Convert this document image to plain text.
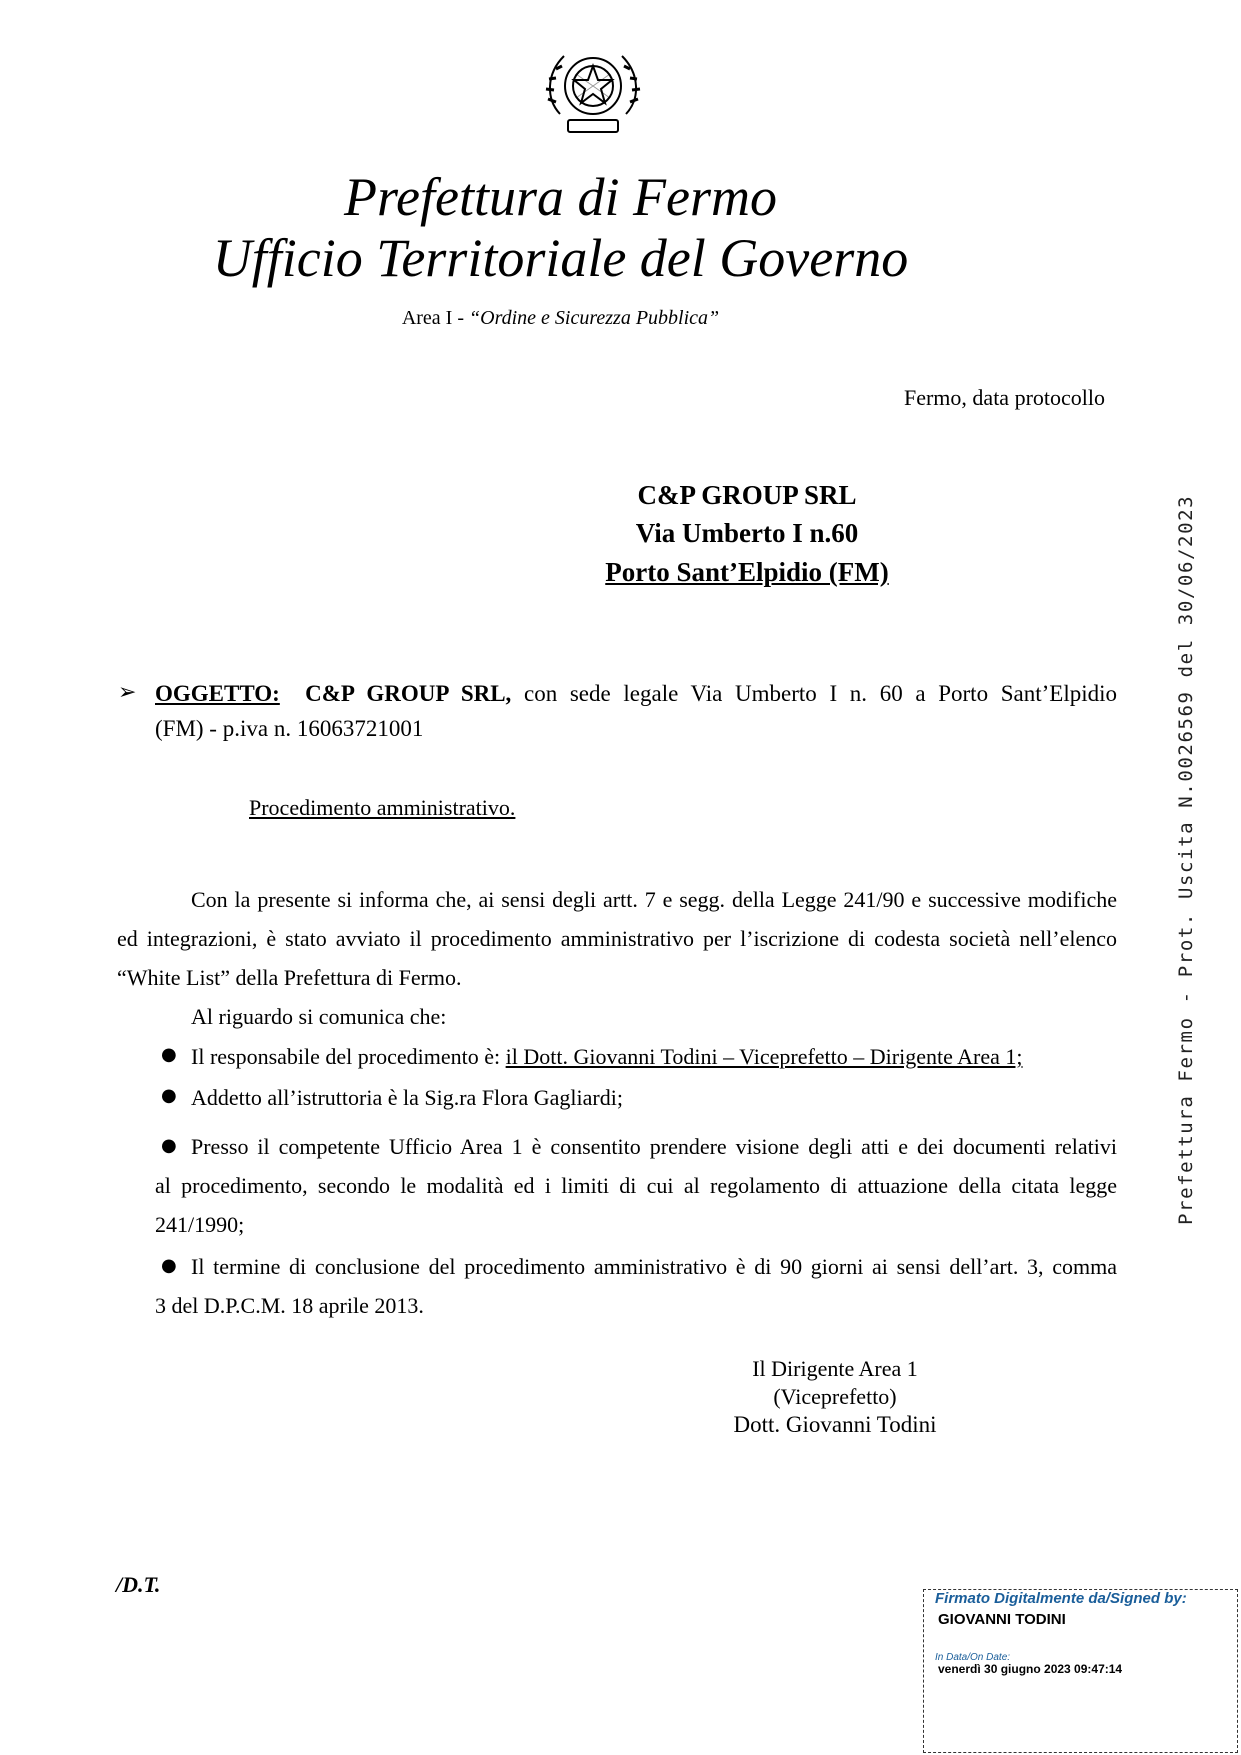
Prefettura di Fermo
Ufficio Territoriale del Governo
Area I - “Ordine e Sicurezza Pubblica”
Fermo, data protocollo
C&P GROUP SRL
Via Umberto I n.60
Porto Sant’Elpidio (FM)
➢ OGGETTO: C&P GROUP SRL, con sede legale Via Umberto I n. 60 a Porto Sant’Elpidio
(FM) - p.iva n. 16063721001
Procedimento amministrativo.
Con la presente si informa che, ai sensi degli artt. 7 e segg. della Legge 241/90 e successive modifiche ed integrazioni, è stato avviato il procedimento amministrativo per l’iscrizione di codesta società nell’elenco “White List” della Prefettura di Fermo.
Al riguardo si comunica che:
● Il responsabile del procedimento è: il Dott. Giovanni Todini – Viceprefetto – Dirigente Area 1;
● Addetto all’istruttoria è la Sig.ra Flora Gagliardi;
● Presso il competente Ufficio Area 1 è consentito prendere visione degli atti e dei documenti relativi
al procedimento, secondo le modalità ed i limiti di cui al regolamento di attuazione della citata legge 241/1990;
● Il termine di conclusione del procedimento amministrativo è di 90 giorni ai sensi dell’art. 3, comma
3 del D.P.C.M. 18 aprile 2013.
Il Dirigente Area 1
(Viceprefetto)
Dott. Giovanni Todini
Prefettura Fermo - Prot. Uscita N.0026569 del 30/06/2023
/D.T.
Firmato Digitalmente da/Signed by:
GIOVANNI TODINI
In Data/On Date:
venerdì 30 giugno 2023 09:47:14
